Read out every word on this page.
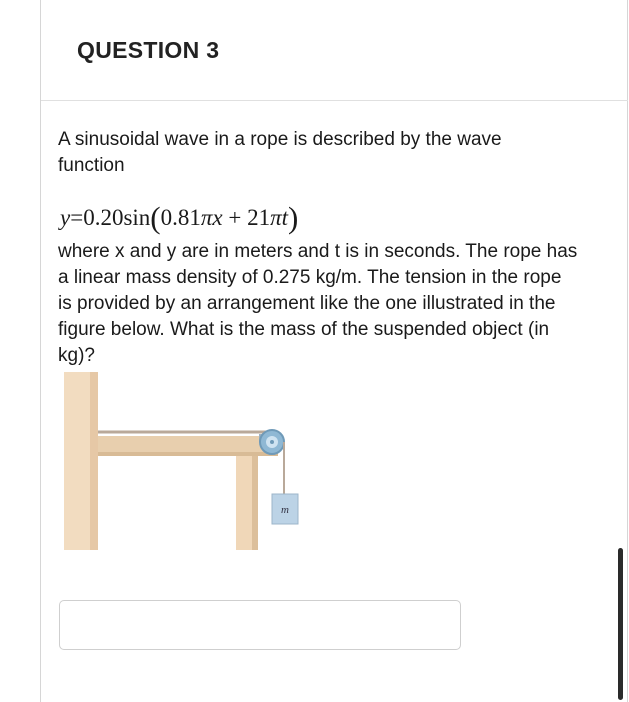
QUESTION 3
A sinusoidal wave in a rope is described by the wave function
y=0.20sin(0.81πx + 21πt)
where x and y are in meters and t is in seconds. The rope has a linear mass density of 0.275 kg/m. The tension in the rope is provided by an arrangement like the one illustrated in the figure below. What is the mass of the suspended object (in kg)?
m
